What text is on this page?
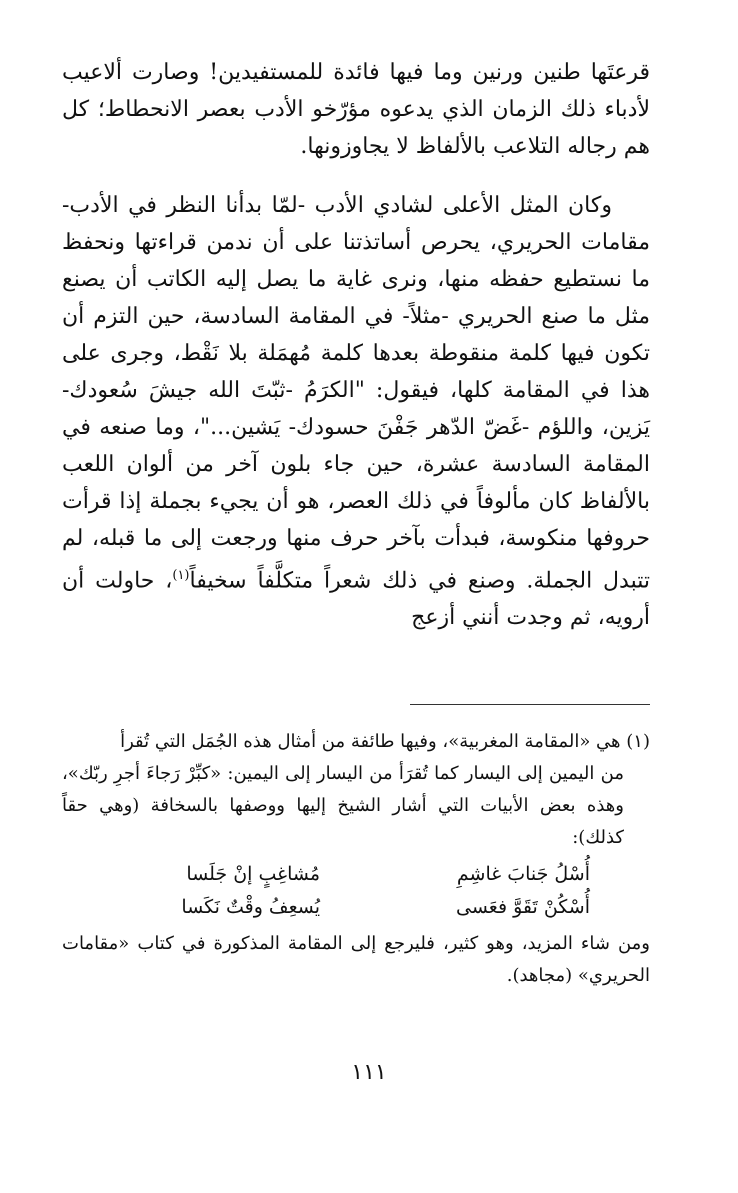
قرعتَها طنين ورنين وما فيها فائدة للمستفيدين! وصارت ألاعيب لأدباء ذلك الزمان الذي يدعوه مؤرّخو الأدب بعصر الانحطاط؛ كل هم رجاله التلاعب بالألفاظ لا يجاوزونها.

وكان المثل الأعلى لشادي الأدب -لمّا بدأنا النظر في الأدب- مقامات الحريري، يحرص أساتذتنا على أن ندمن قراءتها ونحفظ ما نستطيع حفظه منها، ونرى غاية ما يصل إليه الكاتب أن يصنع مثل ما صنع الحريري -مثلاً- في المقامة السادسة، حين التزم أن تكون فيها كلمة منقوطة بعدها كلمة مُهمَلة بلا نَقْط، وجرى على هذا في المقامة كلها، فيقول: "الكرَمُ -ثبّتَ الله جيشَ سُعودك- يَزين، واللؤم -غَضّ الدّهر جَفْنَ حسودك- يَشين..."، وما صنعه في المقامة السادسة عشرة، حين جاء بلون آخر من ألوان اللعب بالألفاظ كان مألوفاً في ذلك العصر، هو أن يجيء بجملة إذا قرأت حروفها منكوسة، فبدأت بآخر حرف منها ورجعت إلى ما قبله، لم تتبدل الجملة. وصنع في ذلك شعراً متكلَّفاً سخيفاً$^{(١)}$، حاولت أن أرويه، ثم وجدت أنني أزعج

(١) هي «المقامة المغربية»، وفيها طائفة من أمثال هذه الجُمَل التي تُقرأ

من اليمين إلى اليسار كما تُقرَأ من اليسار إلى اليمين: «كبِّرْ رَجاءَ أجرِ ربّك»، وهذه بعض الأبيات التي أشار الشيخ إليها ووصفها بالسخافة (وهي حقاً كذلك):

أُسْلُ جَنابَ غاشِمِ
مُشاغِبٍ إنْ جَلَسا
أُسْكُنْ تَقَوَّ فعَسى
يُسعِفُ وقْتٌ نَكَسا

ومن شاء المزيد، وهو كثير، فليرجع إلى المقامة المذكورة في كتاب «مقامات الحريري» (مجاهد).

١١١
